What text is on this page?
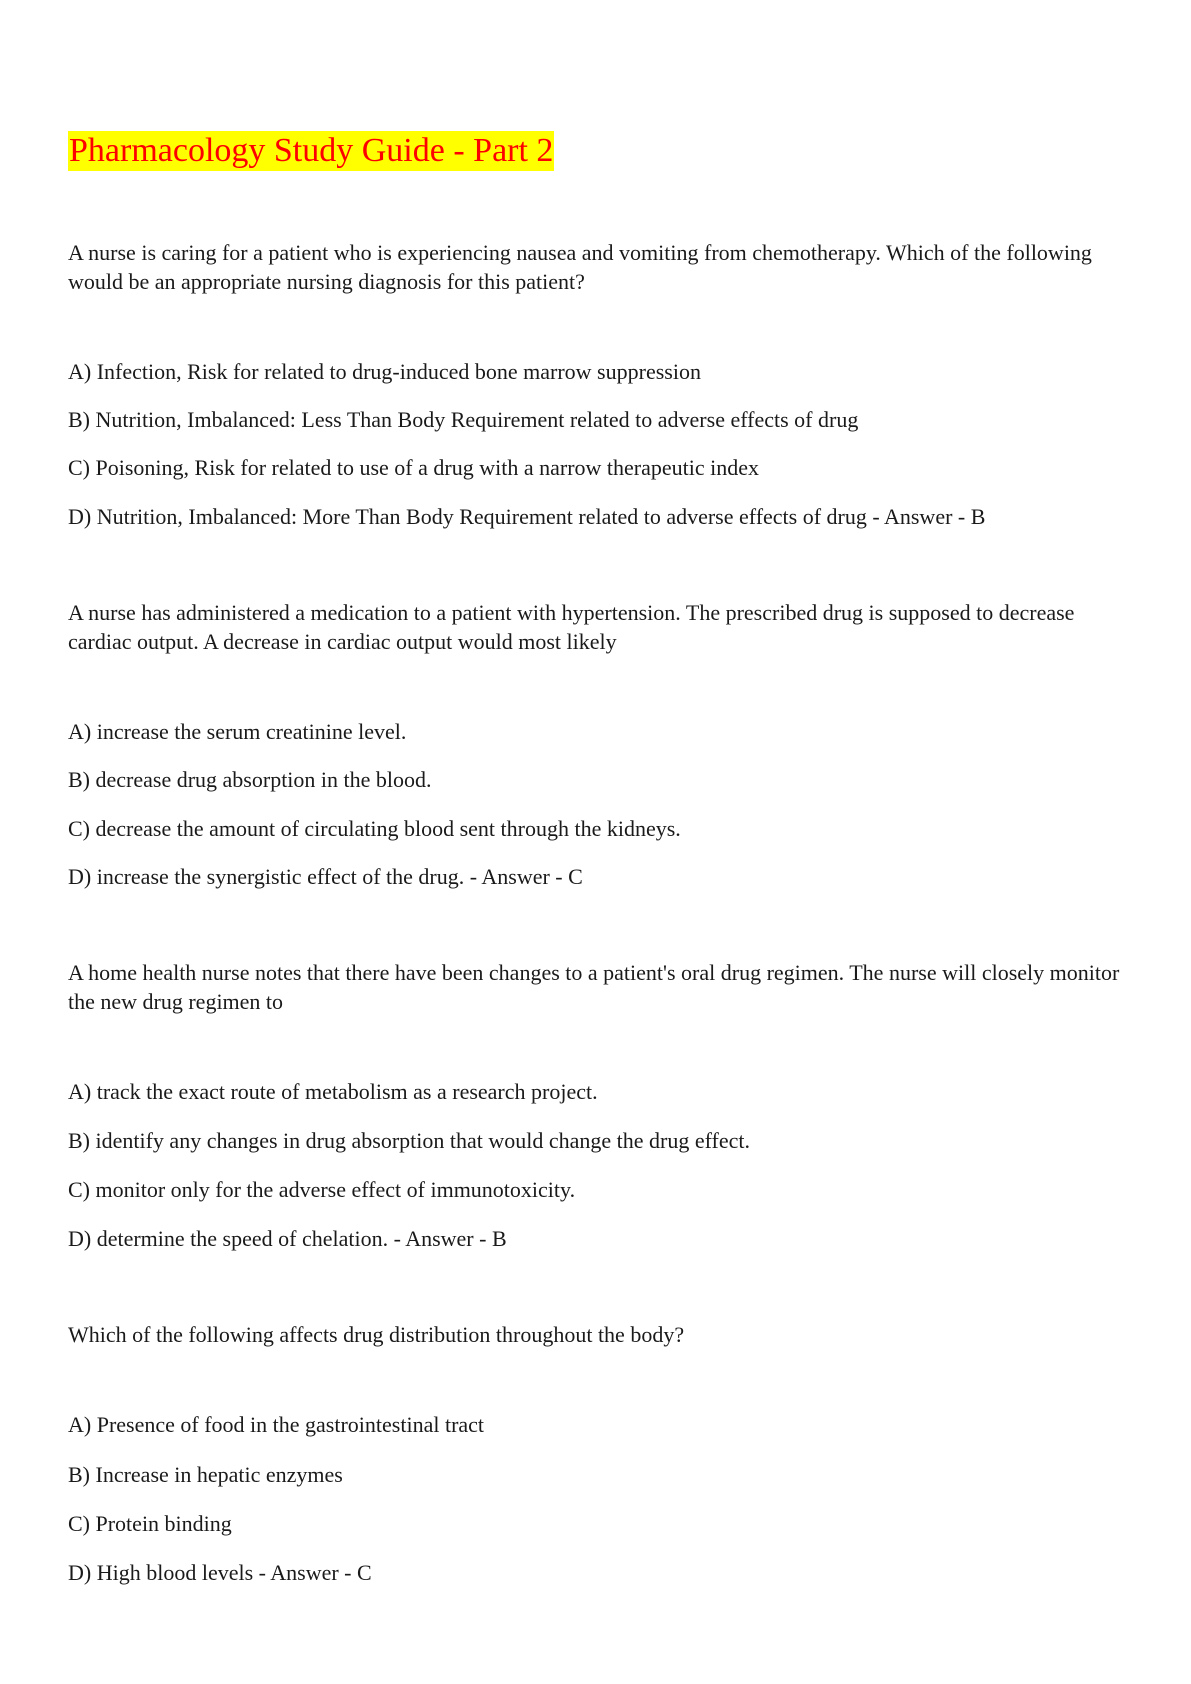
Pharmacology Study Guide - Part 2

A nurse is caring for a patient who is experiencing nausea and vomiting from chemotherapy. Which of the following would be an appropriate nursing diagnosis for this patient?

A) Infection, Risk for related to drug-induced bone marrow suppression

B) Nutrition, Imbalanced: Less Than Body Requirement related to adverse effects of drug

C) Poisoning, Risk for related to use of a drug with a narrow therapeutic index

D) Nutrition, Imbalanced: More Than Body Requirement related to adverse effects of drug - Answer - B

A nurse has administered a medication to a patient with hypertension. The prescribed drug is supposed to decrease cardiac output. A decrease in cardiac output would most likely

A) increase the serum creatinine level.

B) decrease drug absorption in the blood.

C) decrease the amount of circulating blood sent through the kidneys.

D) increase the synergistic effect of the drug. - Answer - C

A home health nurse notes that there have been changes to a patient's oral drug regimen. The nurse will closely monitor the new drug regimen to

A) track the exact route of metabolism as a research project.

B) identify any changes in drug absorption that would change the drug effect.

C) monitor only for the adverse effect of immunotoxicity.

D) determine the speed of chelation. - Answer - B

Which of the following affects drug distribution throughout the body?

A) Presence of food in the gastrointestinal tract

B) Increase in hepatic enzymes

C) Protein binding

D) High blood levels - Answer - C
